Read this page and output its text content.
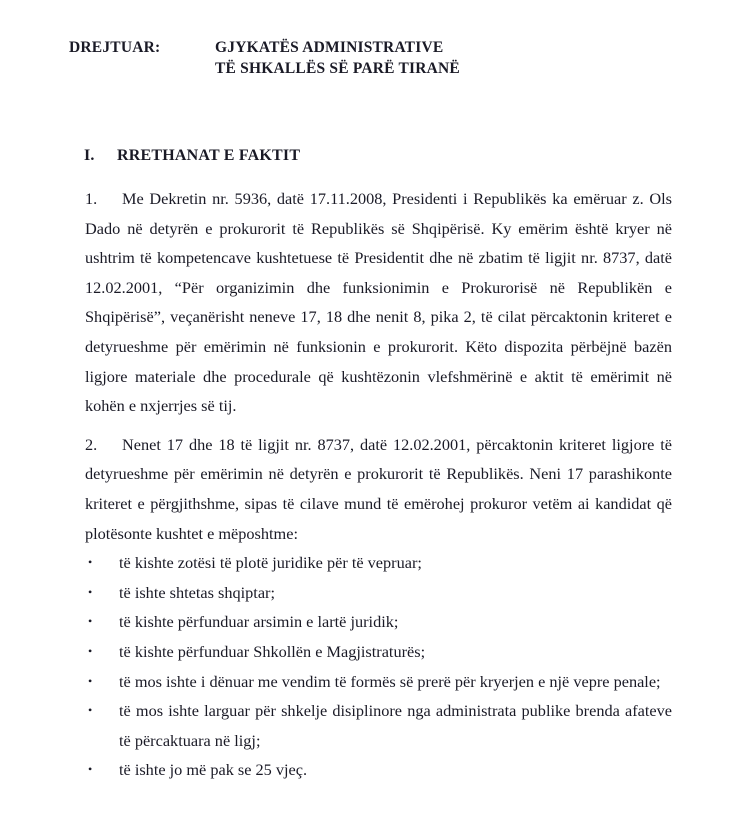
DREJTUAR:	GJYKATËS ADMINISTRATIVE
TË SHKALLËS SË PARË TIRANË
I.	RRETHANAT E FAKTIT
1. Me Dekretin nr. 5936, datë 17.11.2008, Presidenti i Republikës ka emëruar z. Ols Dado në detyrën e prokurorit të Republikës së Shqipërisë. Ky emërim është kryer në ushtrim të kompetencave kushtetuese të Presidentit dhe në zbatim të ligjit nr. 8737, datë 12.02.2001, “Për organizimin dhe funksionimin e Prokurorisë në Republikën e Shqipërisë”, veçanërisht neneve 17, 18 dhe nenit 8, pika 2, të cilat përcaktonin kriteret e detyrueshme për emërimin në funksionin e prokurorit. Këto dispozita përbëjnë bazën ligjore materiale dhe procedurale që kushtëzonin vlefshmërinë e aktit të emërimit në kohën e nxjerrjes së tij.
2. Nenet 17 dhe 18 të ligjit nr. 8737, datë 12.02.2001, përcaktonin kriteret ligjore të detyrueshme për emërimin në detyrën e prokurorit të Republikës. Neni 17 parashikonte kriteret e përgjithshme, sipas të cilave mund të emërohej prokuror vetëm ai kandidat që plotësonte kushtet e mëposhtme:
• të kishte zotësi të plotë juridike për të vepruar;
• të ishte shtetas shqiptar;
• të kishte përfunduar arsimin e lartë juridik;
• të kishte përfunduar Shkollën e Magjistraturës;
• të mos ishte i dënuar me vendim të formës së prerë për kryerjen e një vepre penale;
• të mos ishte larguar për shkelje disiplinore nga administrata publike brenda afateve të përcaktuara në ligj;
• të ishte jo më pak se 25 vjeç.
